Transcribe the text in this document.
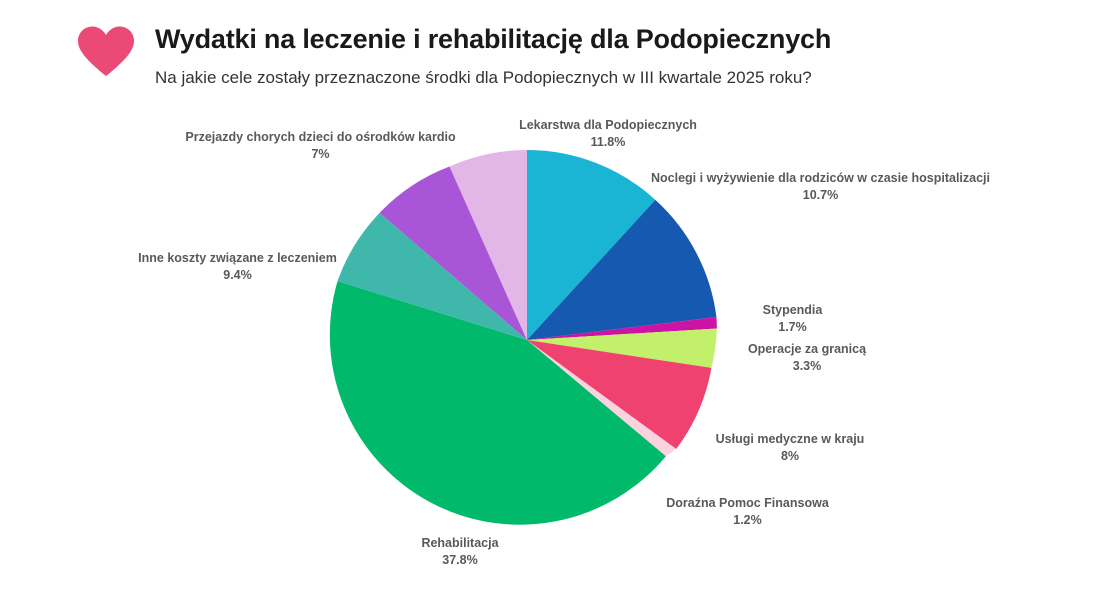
Wydatki na leczenie i rehabilitację dla Podopiecznych
Na jakie cele zostały przeznaczone środki dla Podopiecznych w III kwartale 2025 roku?
Lekarstwa dla Podopiecznych
11.8%
Noclegi i wyżywienie dla rodziców w czasie hospitalizacji
10.7%
Stypendia
1.7%
Operacje za granicą
3.3%
Usługi medyczne w kraju
8%
Doraźna Pomoc Finansowa
1.2%
Rehabilitacja
37.8%
Inne koszty związane z leczeniem
9.4%
Przejazdy chorych dzieci do ośrodków kardio
7%
